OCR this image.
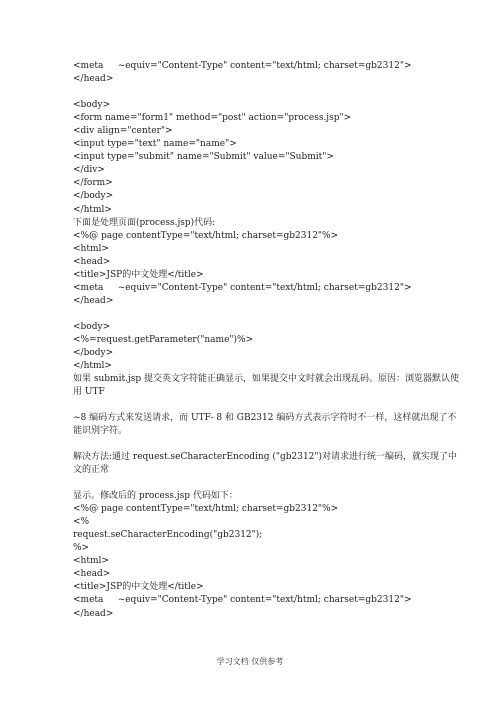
<meta     ~equiv="Content-Type" content="text/html; charset=gb2312">
</head>
<body>
<form name="form1" method="post" action="process.jsp">
<div align="center">
<input type="text" name="name">
<input type="submit" name="Submit" value="Submit">
</div>
</form>
</body>
</html>
下面是处理页面(process.jsp)代码:
<%@ page contentType="text/html; charset=gb2312"%>
<html>
<head>
<title>JSP的中文处理</title>
<meta     ~equiv="Content-Type" content="text/html; charset=gb2312">
</head>
<body>
<%=request.getParameter("name")%>
</body>
</html>

如果 submit.jsp 提交英文字符能正确显示，如果提交中文时就会出现乱码。原因：浏览器默认使用 UTF

~8 编码方式来发送请求，而 UTF- 8 和 GB2312 编码方式表示字符时不一样，这样就出现了不能识别字符。

解决方法:通过 request.seCharacterEncoding ("gb2312")对请求进行统一编码，就实现了中文的正常

显示。修改后的 process.jsp 代码如下：

<%@ page contentType="text/html; charset=gb2312"%>
<%
request.seCharacterEncoding("gb2312");
%>
<html>
<head>
<title>JSP的中文处理</title>
<meta     ~equiv="Content-Type" content="text/html; charset=gb2312">
</head>
学习文档 仅供参考
